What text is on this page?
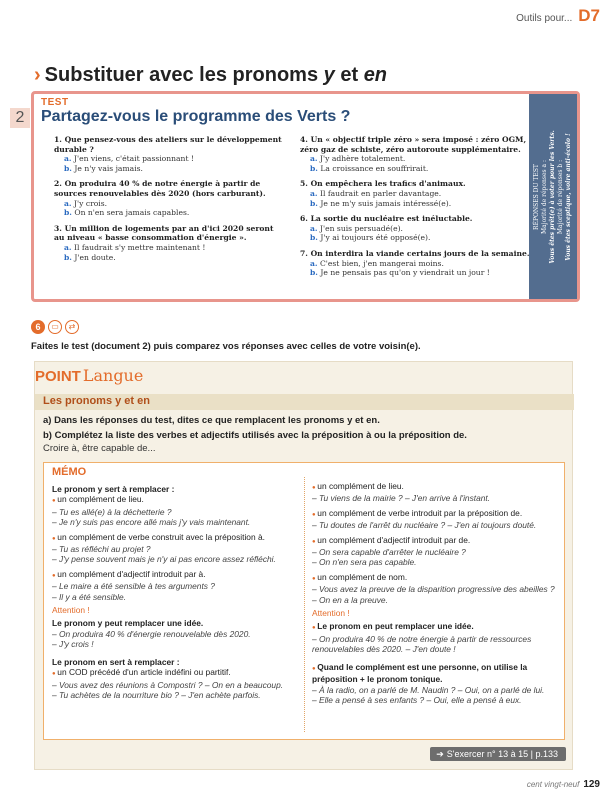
Outils pour... D7
› Substituer avec les pronoms y et en
2
TEST
Partagez-vous le programme des Verts ?
1. Que pensez-vous des ateliers sur le développement durable ?
a. J'en viens, c'était passionnant !
b. Je n'y vais jamais.
2. On produira 40 % de notre énergie à partir de sources renouvelables dès 2020 (hors carburant).
a. J'y crois.
b. On n'en sera jamais capables.
3. Un million de logements par an d'ici 2020 seront au niveau « basse consommation d'énergie ».
a. Il faudrait s'y mettre maintenant !
b. J'en doute.
4. Un « objectif triple zéro » sera imposé : zéro OGM, zéro gaz de schiste, zéro autoroute supplémentaire.
a. J'y adhère totalement.
b. La croissance en souffrirait.
5. On empêchera les trafics d'animaux.
a. Il faudrait en parler davantage.
b. Je ne m'y suis jamais intéressé(e).
6. La sortie du nucléaire est inéluctable.
a. J'en suis persuadé(e).
b. J'y ai toujours été opposé(e).
7. On interdira la viande certains jours de la semaine.
a. C'est bien, j'en mangerai moins.
b. Je ne pensais pas qu'on y viendrait un jour !
RÉPONSES DU TEST Majorité de réponses a : Vous êtes prêt(e) à voter pour les Verts. Majorité de réponses b : Vous êtes sceptique, voire anti-écolo !
6	▭	⇄
Faites le test (document 2) puis comparez vos réponses avec celles de votre voisin(e).
POINT Langue
Les pronoms y et en
a) Dans les réponses du test, dites ce que remplacent les pronoms y et en.
b) Complétez la liste des verbes et adjectifs utilisés avec la préposition à ou la préposition de.
Croire à, être capable de...
MÉMO
Le pronom y sert à remplacer :
● un complément de lieu.
– Tu es allé(e) à la déchetterie ?
– Je n'y suis pas encore allé mais j'y vais maintenant.
● un complément de verbe construit avec la préposition à.
– Tu as réfléchi au projet ?
– J'y pense souvent mais je n'y ai pas encore assez réfléchi.
● un complément d'adjectif introduit par à.
– Le maire a été sensible à tes arguments ?
– Il y a été sensible.
Attention !
Le pronom y peut remplacer une idée.
– On produira 40 % d'énergie renouvelable dès 2020.
– J'y crois !
Le pronom en sert à remplacer :
● un COD précédé d'un article indéfini ou partitif.
– Vous avez des réunions à Compostri ? – On en a beaucoup.
– Tu achètes de la nourriture bio ? – J'en achète parfois.
● un complément de lieu.
– Tu viens de la mairie ? – J'en arrive à l'instant.
● un complément de verbe introduit par la préposition de.
– Tu doutes de l'arrêt du nucléaire ? – J'en ai toujours douté.
● un complément d'adjectif introduit par de.
– On sera capable d'arrêter le nucléaire ?
– On n'en sera pas capable.
● un complément de nom.
– Vous avez la preuve de la disparition progressive des abeilles ?
– On en a la preuve.
Attention !
● Le pronom en peut remplacer une idée.
– On produira 40 % de notre énergie à partir de ressources renouvelables dès 2020. – J'en doute !
● Quand le complément est une personne, on utilise la préposition + le pronom tonique.
– À la radio, on a parlé de M. Naudin ? – Oui, on a parlé de lui.
– Elle a pensé à ses enfants ? – Oui, elle a pensé à eux.
➔ S'exercer n° 13 à 15 | p.133
cent vingt-neuf 129
